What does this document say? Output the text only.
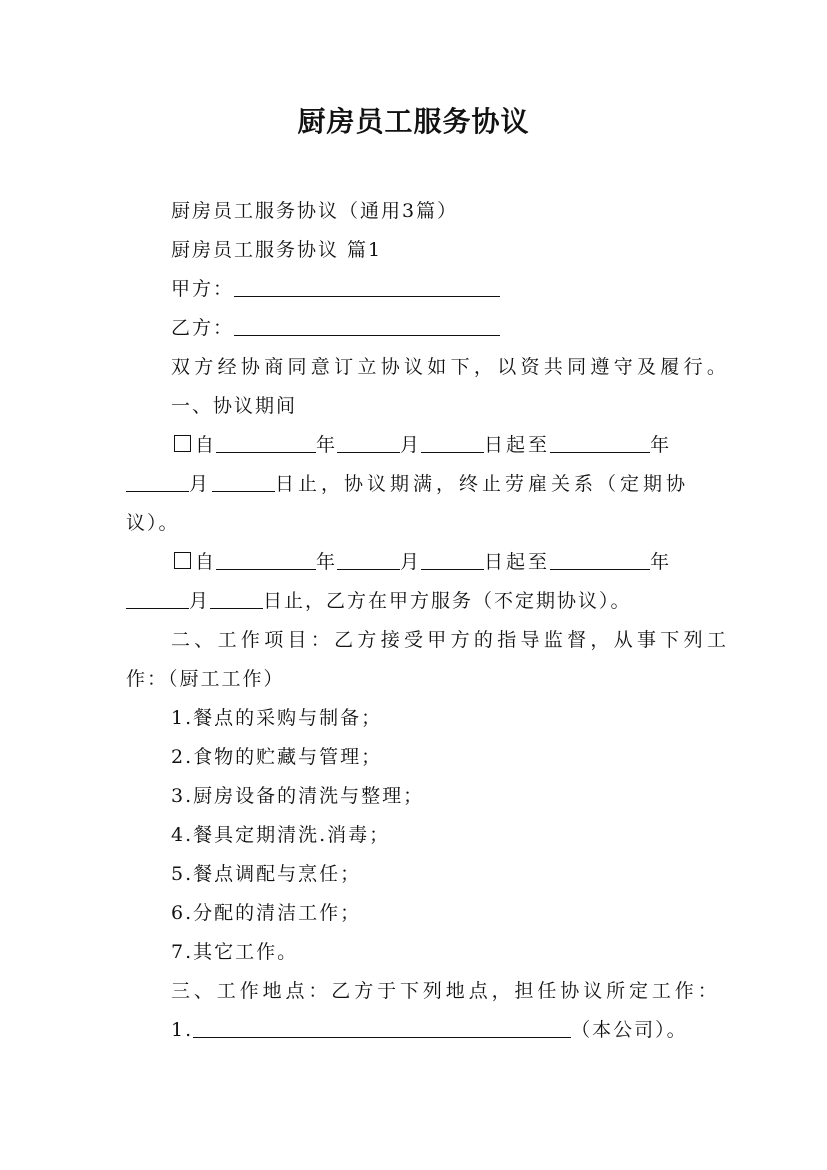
厨房员工服务协议
厨房员工服务协议（通用3篇）
厨房员工服务协议 篇1
甲方：
乙方：
双方经协商同意订立协议如下，以资共同遵守及履行。
一、协议期间
自	年	月	日起至	年
月	日止，协议期满，终止劳雇关系（定期协
议）。
自	年	月	日起至	年
月	日止，乙方在甲方服务（不定期协议）。
二、工作项目：乙方接受甲方的指导监督，从事下列工
作：（厨工工作）
1.餐点的采购与制备；
2.食物的贮藏与管理；
3.厨房设备的清洗与整理；
4.餐具定期清洗.消毒；
5.餐点调配与烹任；
6.分配的清洁工作；
7.其它工作。
三、工作地点：乙方于下列地点，担任协议所定工作：
1.	（本公司）。
